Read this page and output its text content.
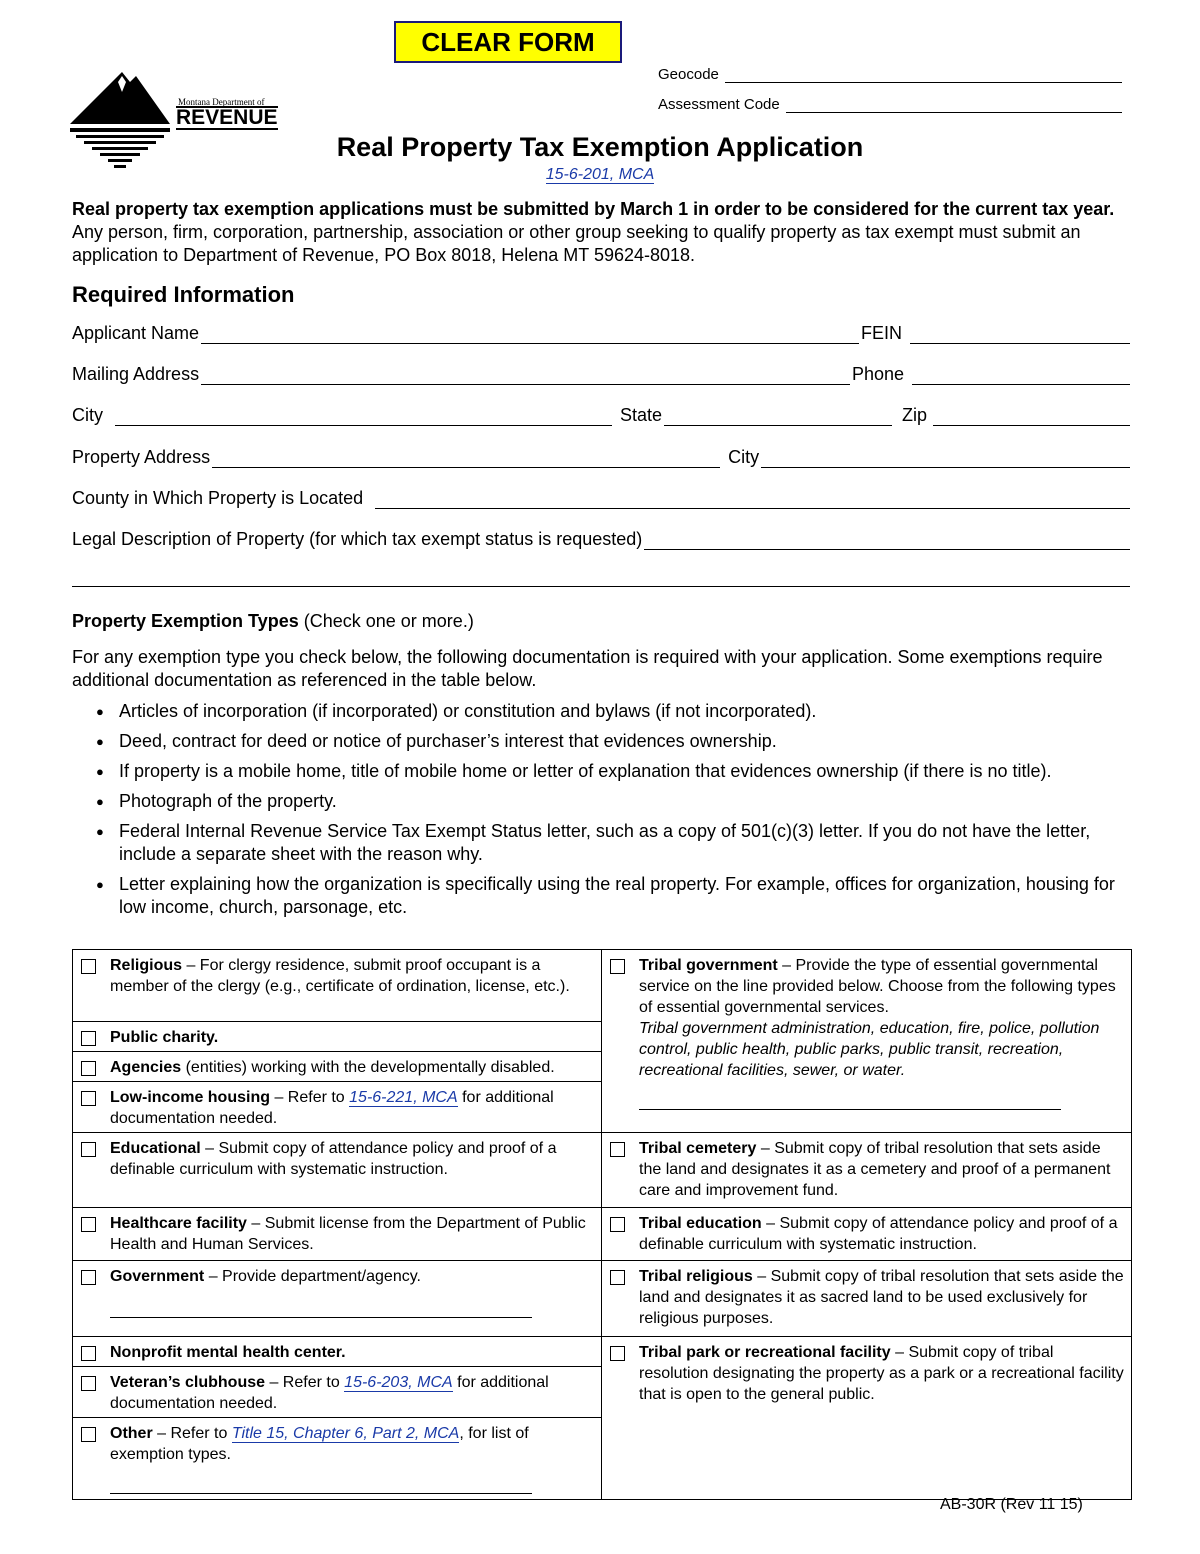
CLEAR FORM
Montana Department of
REVENUE
Geocode
Assessment Code
Real Property Tax Exemption Application
15-6-201, MCA
Real property tax exemption applications must be submitted by March 1 in order to be considered for the current tax year. Any person, firm, corporation, partnership, association or other group seeking to qualify property as tax exempt must submit an application to Department of Revenue, PO Box 8018, Helena MT 59624-8018.
Required Information
Applicant Name	FEIN
Mailing Address	Phone
City	State	Zip
Property Address	City
County in Which Property is Located
Legal Description of Property (for which tax exempt status is requested)
Property Exemption Types (Check one or more.)
For any exemption type you check below, the following documentation is required with your application. Some exemptions require additional documentation as referenced in the table below.
● Articles of incorporation (if incorporated) or constitution and bylaws (if not incorporated).
● Deed, contract for deed or notice of purchaser’s interest that evidences ownership.
● If property is a mobile home, title of mobile home or letter of explanation that evidences ownership (if there is no title).
● Photograph of the property.
● Federal Internal Revenue Service Tax Exempt Status letter, such as a copy of 501(c)(3) letter. If you do not have the letter, include a separate sheet with the reason why.
● Letter explaining how the organization is specifically using the real property. For example, offices for organization, housing for low income, church, parsonage, etc.
Religious – For clergy residence, submit proof occupant is a member of the clergy (e.g., certificate of ordination, license, etc.).	Tribal government – Provide the type of essential governmental service on the line provided below. Choose from the following types of essential governmental services.
Tribal government administration, education, fire, police, pollution control, public health, public parks, public transit, recreation, recreational facilities, sewer, or water.

Public charity.	

Agencies (entities) working with the developmentally disabled.	

Low-income housing – Refer to 15-6-221, MCA for additional documentation needed.	

Educational – Submit copy of attendance policy and proof of a definable curriculum with systematic instruction.	Tribal cemetery – Submit copy of tribal resolution that sets aside the land and designates it as a cemetery and proof of a permanent care and improvement fund.

Healthcare facility – Submit license from the Department of Public Health and Human Services.	Tribal education – Submit copy of attendance policy and proof of a definable curriculum with systematic instruction.

Government – Provide department/agency.	Tribal religious – Submit copy of tribal resolution that sets aside the land and designates it as sacred land to be used exclusively for religious purposes.

Nonprofit mental health center.	Tribal park or recreational facility – Submit copy of tribal resolution designating the property as a park or a recreational facility that is open to the general public.

Veteran’s clubhouse – Refer to 15-6-203, MCA for additional documentation needed.	

Other – Refer to Title 15, Chapter 6, Part 2, MCA, for list of exemption types.	
AB-30R (Rev 11 15)
